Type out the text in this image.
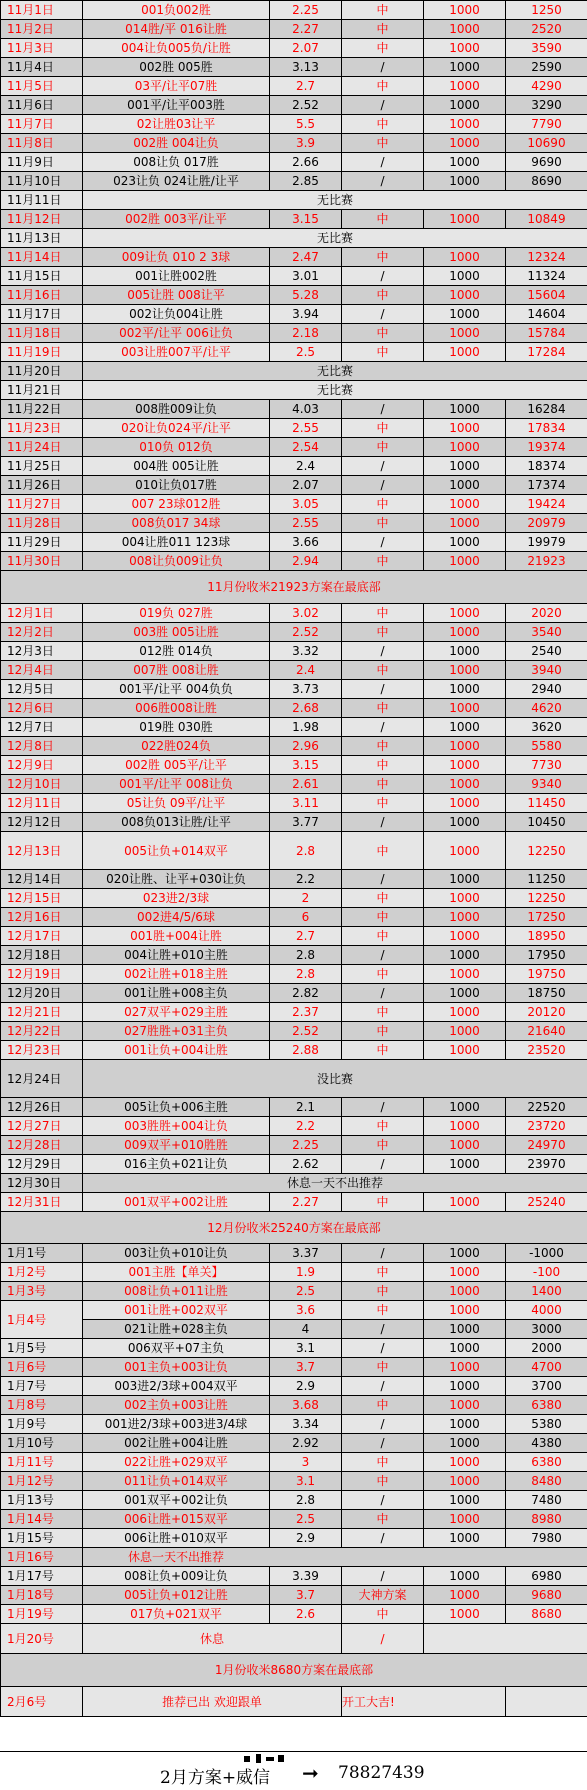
11月1日	001负002胜	2.25	中	1000	1250	
11月2日	014胜/平 016让胜	2.27	中	1000	2520	
11月3日	004让负005负/让胜	2.07	中	1000	3590	
11月4日	002胜 005胜	3.13	/	1000	2590	
11月5日	03平/让平07胜	2.7	中	1000	4290	
11月6日	001平/让平003胜	2.52	/	1000	3290	
11月7日	02让胜03让平	5.5	中	1000	7790	
11月8日	002胜 004让负	3.9	中	1000	10690	
11月9日	008让负 017胜	2.66	/	1000	9690	
11月10日	023让负 024让胜/让平	2.85	/	1000	8690	
11月11日	无比赛					
11月12日	002胜 003平/让平	3.15	中	1000	10849	
11月13日	无比赛					
11月14日	009让负 010 2 3球	2.47	中	1000	12324	
11月15日	001让胜002胜	3.01	/	1000	11324	
11月16日	005让胜 008让平	5.28	中	1000	15604	
11月17日	002让负004让胜	3.94	/	1000	14604	
11月18日	002平/让平 006让负	2.18	中	1000	15784	
11月19日	003让胜007平/让平	2.5	中	1000	17284	
11月20日	无比赛					
11月21日	无比赛					
11月22日	008胜009让负	4.03	/	1000	16284	
11月23日	020让负024平/让平	2.55	中	1000	17834	
11月24日	010负 012负	2.54	中	1000	19374	
11月25日	004胜 005让胜	2.4	/	1000	18374	
11月26日	010让负017胜	2.07	/	1000	17374	
11月27日	007 23球012胜	3.05	中	1000	19424	
11月28日	008负017 34球	2.55	中	1000	20979	
11月29日	004让胜011 123球	3.66	/	1000	19979	
11月30日	008让负009让负	2.94	中	1000	21923	
11月份收米21923方案在最底部						
12月1日	019负 027胜	3.02	中	1000	2020	
12月2日	003胜 005让胜	2.52	中	1000	3540	
12月3日	012胜 014负	3.32	/	1000	2540	
12月4日	007胜 008让胜	2.4	中	1000	3940	
12月5日	001平/让平 004负负	3.73	/	1000	2940	
12月6日	006胜008让胜	2.68	中	1000	4620	
12月7日	019胜 030胜	1.98	/	1000	3620	
12月8日	022胜024负	2.96	中	1000	5580	
12月9日	002胜 005平/让平	3.15	中	1000	7730	
12月10日	001平/让平 008让负	2.61	中	1000	9340	
12月11日	05让负 09平/让平	3.11	中	1000	11450	
12月12日	008负013让胜/让平	3.77	/	1000	10450	
12月13日	005让负+014双平	2.8	中	1000	12250	
12月14日	020让胜、让平+030让负	2.2	/	1000	11250	
12月15日	023进2/3球	2	中	1000	12250	
12月16日	002进4/5/6球	6	中	1000	17250	
12月17日	001胜+004让胜	2.7	中	1000	18950	
12月18日	004让胜+010主胜	2.8	/	1000	17950	
12月19日	002让胜+018主胜	2.8	中	1000	19750	
12月20日	001让胜+008主负	2.82	/	1000	18750	
12月21日	027双平+029主胜	2.37	中	1000	20120	
12月22日	027胜胜+031主负	2.52	中	1000	21640	
12月23日	001让负+004让胜	2.88	中	1000	23520	
12月24日	没比赛					

12月26日	005让负+006主胜	2.1	/	1000	22520	
12月27日	003胜胜+004让负	2.2	中	1000	23720	
12月28日	009双平+010胜胜	2.25	中	1000	24970	
12月29日	016主负+021让负	2.62	/	1000	23970	
12月30日	休息一天不出推荐					
12月31日	001双平+002让胜	2.27	中	1000	25240	
12月份收米25240方案在最底部						
1月1号	003让负+010让负	3.37	/	1000	-1000	
1月2号	001主胜【单关】	1.9	中	1000	-100	
1月3号	008让负+011让胜	2.5	中	1000	1400	
1月4号	001让胜+002双平	3.6	中	1000	4000	
	021让胜+028主负	4	/	1000	3000	
1月5号	006双平+07主负	3.1	/	1000	2000	
1月6号	001主负+003让负	3.7	中	1000	4700	
1月7号	003进2/3球+004双平	2.9	/	1000	3700	
1月8号	002主负+003让胜	3.68	中	1000	6380	
1月9号	001进2/3球+003进3/4球	3.34	/	1000	5380	
1月10号	002让胜+004让胜	2.92	/	1000	4380	
1月11号	022让胜+029双平	3	中	1000	6380	
1月12号	011让负+014双平	3.1	中	1000	8480	
1月13号	001双平+002让负	2.8	/	1000	7480	
1月14号	006让胜+015双平	2.5	中	1000	8980	
1月15号	006让胜+010双平	2.9	/	1000	7980	
1月16号	休息一天不出推荐					
1月17号	008让负+009让负	3.39	/	1000	6980	
1月18号	005让负+012让胜	3.7	大神方案	1000	9680	
1月19号	017负+021双平	2.6	中	1000	8680	
1月20号	休息		/			
1月份收米8680方案在最底部						
2月6号	推荐已出 欢迎跟单		开工大吉!			
2月方案+威信 ➞ 78827439
